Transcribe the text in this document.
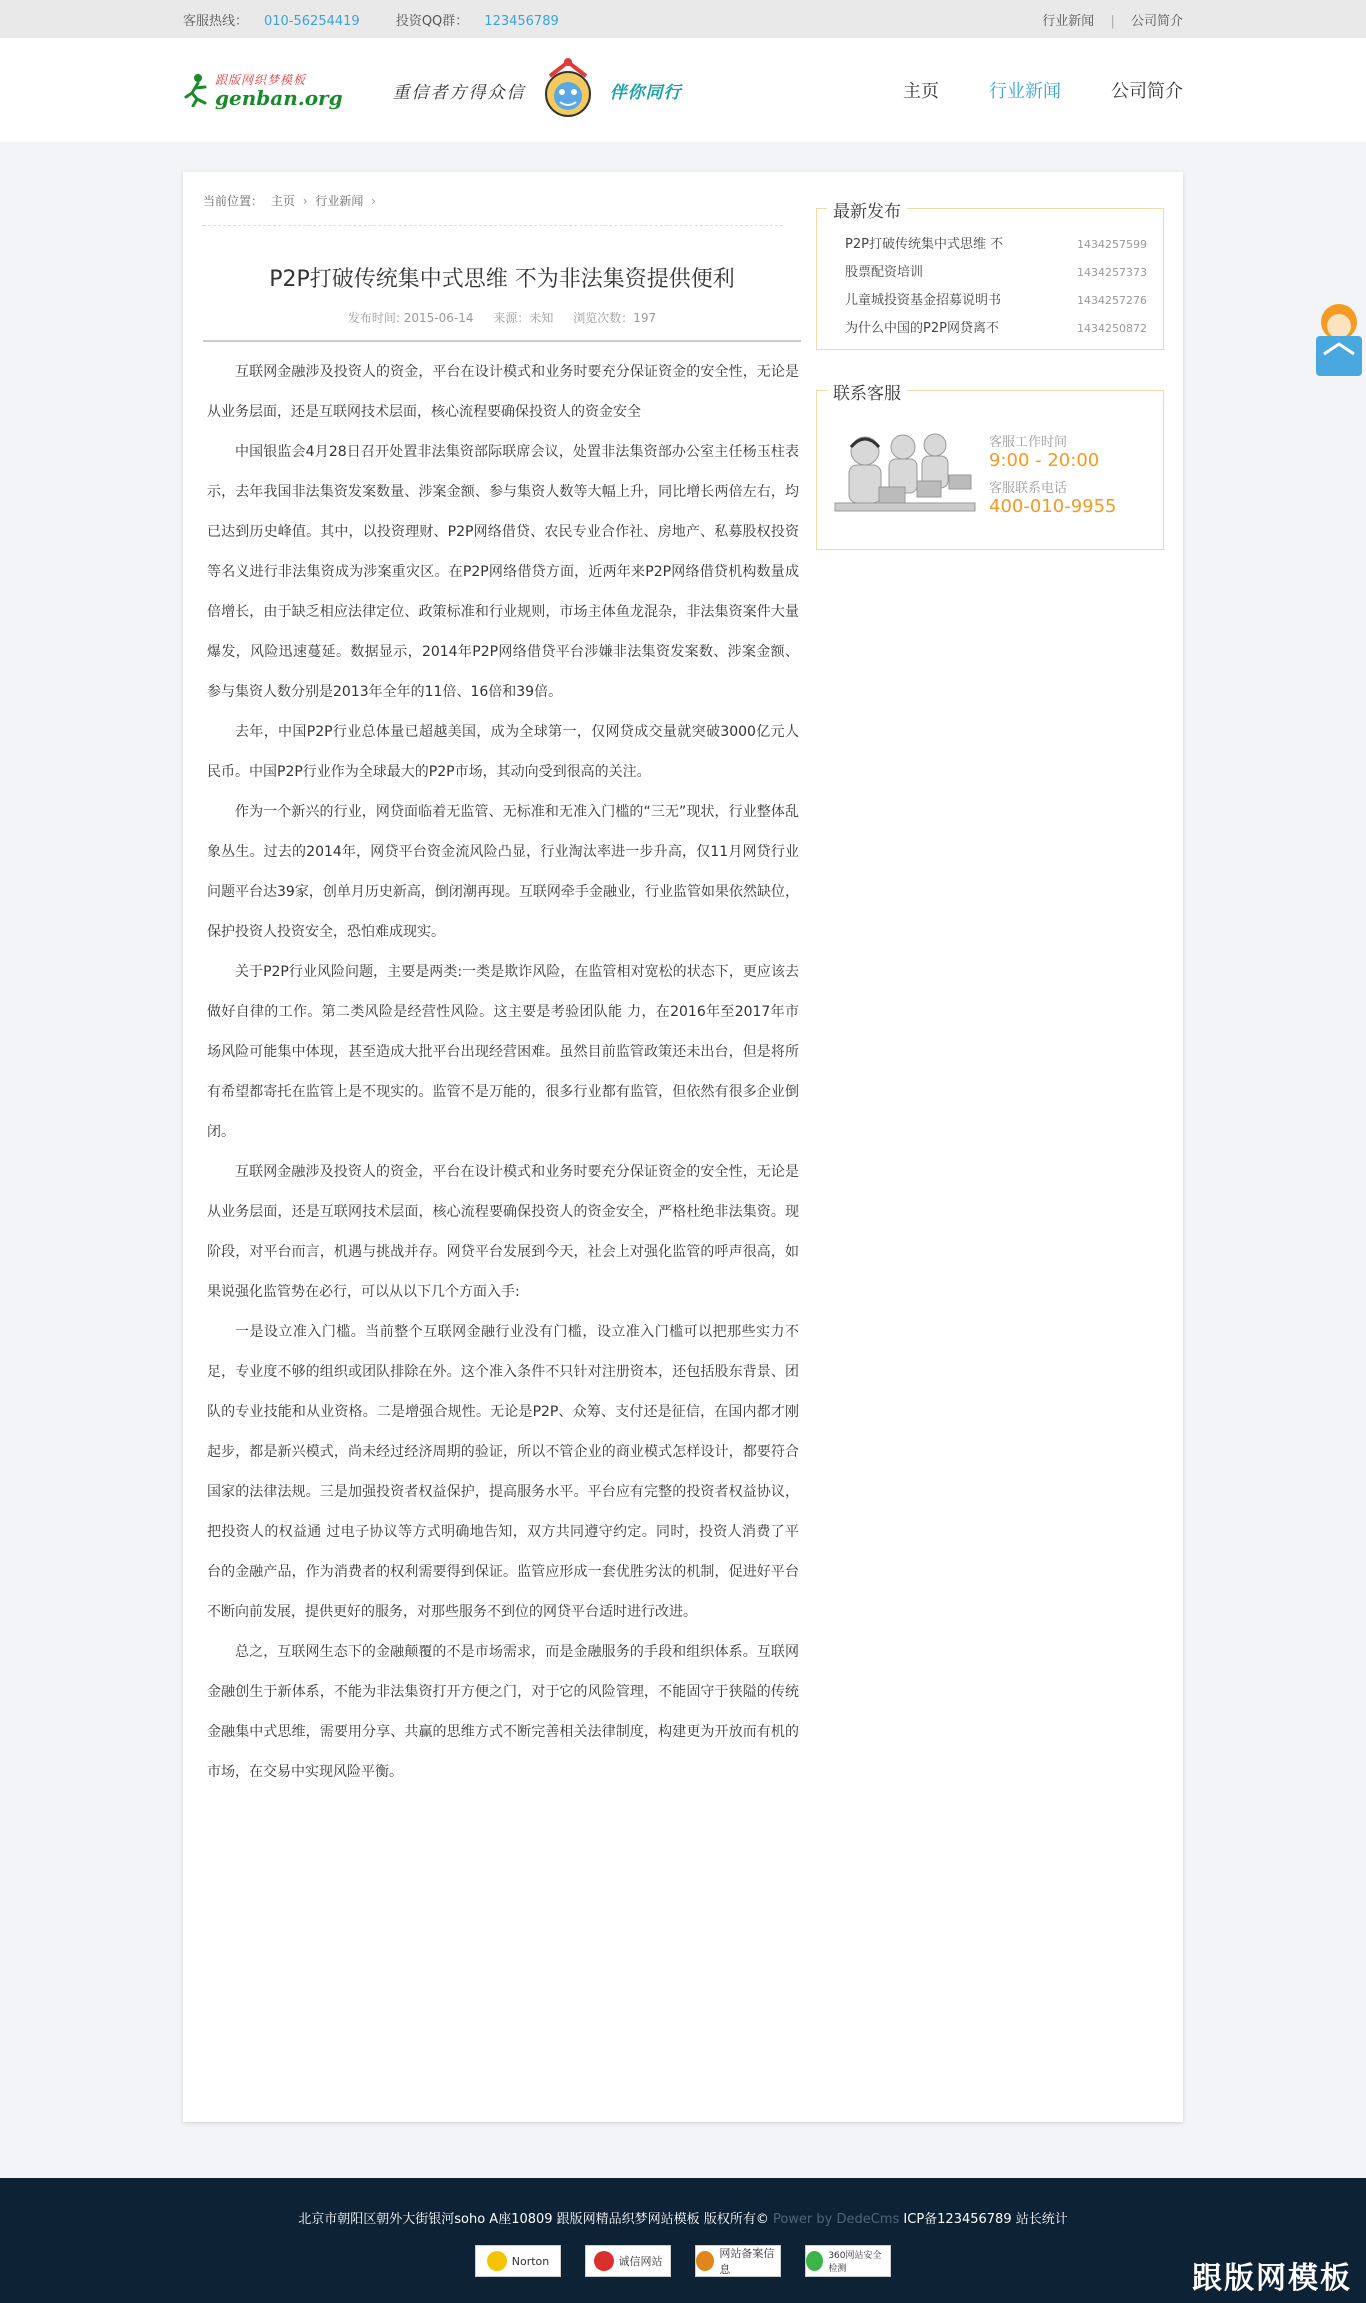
客服热线： 010-56254419	投资QQ群： 123456789	行业新闻 | 公司简介
跟版网织梦模板
genban.org	重信者方得众信	伴你同行	主页	行业新闻	公司简介
当前位置： 主页 › 行业新闻 ›
P2P打破传统集中式思维 不为非法集资提供便利
发布时间: 2015-06-14 来源：未知 浏览次数：197

互联网金融涉及投资人的资金，平台在设计模式和业务时要充分保证资金的安全性，无论是从业务层面，还是互联网技术层面，核心流程要确保投资人的资金安全

中国银监会4月28日召开处置非法集资部际联席会议，处置非法集资部办公室主任杨玉柱表示，去年我国非法集资发案数量、涉案金额、参与集资人数等大幅上升，同比增长两倍左右，均已达到历史峰值。其中，以投资理财、P2P网络借贷、农民专业合作社、房地产、私募股权投资等名义进行非法集资成为涉案重灾区。在P2P网络借贷方面，近两年来P2P网络借贷机构数量成倍增长，由于缺乏相应法律定位、政策标准和行业规则，市场主体鱼龙混杂，非法集资案件大量爆发，风险迅速蔓延。数据显示，2014年P2P网络借贷平台涉嫌非法集资发案数、涉案金额、参与集资人数分别是2013年全年的11倍、16倍和39倍。

去年，中国P2P行业总体量已超越美国，成为全球第一，仅网贷成交量就突破3000亿元人民币。中国P2P行业作为全球最大的P2P市场，其动向受到很高的关注。

作为一个新兴的行业，网贷面临着无监管、无标准和无准入门槛的“三无”现状，行业整体乱象丛生。过去的2014年，网贷平台资金流风险凸显，行业淘汰率进一步升高，仅11月网贷行业问题平台达39家，创单月历史新高，倒闭潮再现。互联网牵手金融业，行业监管如果依然缺位，保护投资人投资安全，恐怕难成现实。

关于P2P行业风险问题，主要是两类:一类是欺诈风险，在监管相对宽松的状态下，更应该去做好自律的工作。第二类风险是经营性风险。这主要是考验团队能 力，在2016年至2017年市场风险可能集中体现，甚至造成大批平台出现经营困难。虽然目前监管政策还未出台，但是将所有希望都寄托在监管上是不现实的。监管不是万能的，很多行业都有监管，但依然有很多企业倒闭。

互联网金融涉及投资人的资金，平台在设计模式和业务时要充分保证资金的安全性，无论是从业务层面，还是互联网技术层面，核心流程要确保投资人的资金安全，严格杜绝非法集资。现阶段，对平台而言，机遇与挑战并存。网贷平台发展到今天，社会上对强化监管的呼声很高，如果说强化监管势在必行，可以从以下几个方面入手:

一是设立准入门槛。当前整个互联网金融行业没有门槛，设立准入门槛可以把那些实力不足，专业度不够的组织或团队排除在外。这个准入条件不只针对注册资本，还包括股东背景、团队的专业技能和从业资格。二是增强合规性。无论是P2P、众筹、支付还是征信，在国内都才刚起步，都是新兴模式，尚未经过经济周期的验证，所以不管企业的商业模式怎样设计，都要符合国家的法律法规。三是加强投资者权益保护，提高服务水平。平台应有完整的投资者权益协议，把投资人的权益通 过电子协议等方式明确地告知，双方共同遵守约定。同时，投资人消费了平台的金融产品，作为消费者的权利需要得到保证。监管应形成一套优胜劣汰的机制，促进好平台不断向前发展，提供更好的服务，对那些服务不到位的网贷平台适时进行改进。

总之，互联网生态下的金融颠覆的不是市场需求，而是金融服务的手段和组织体系。互联网金融创生于新体系，不能为非法集资打开方便之门，对于它的风险管理，不能固守于狭隘的传统金融集中式思维，需要用分享、共赢的思维方式不断完善相关法律制度，构建更为开放而有机的市场，在交易中实现风险平衡。

最新发布
P2P打破传统集中式思维 不	1434257599
股票配资培训	1434257373
儿童城投资基金招募说明书	1434257276
为什么中国的P2P网贷离不	1434250872
联系客服
客服工作时间
9:00 - 20:00
客服联系电话
400-010-9955
北京市朝阳区朝外大街银河soho A座10809 跟版网精品织梦网站模板 版权所有© Power by DedeCms ICP备123456789 站长统计
Norton	诚信网站
网站备案信息
360网站安全检测	跟版网模板
